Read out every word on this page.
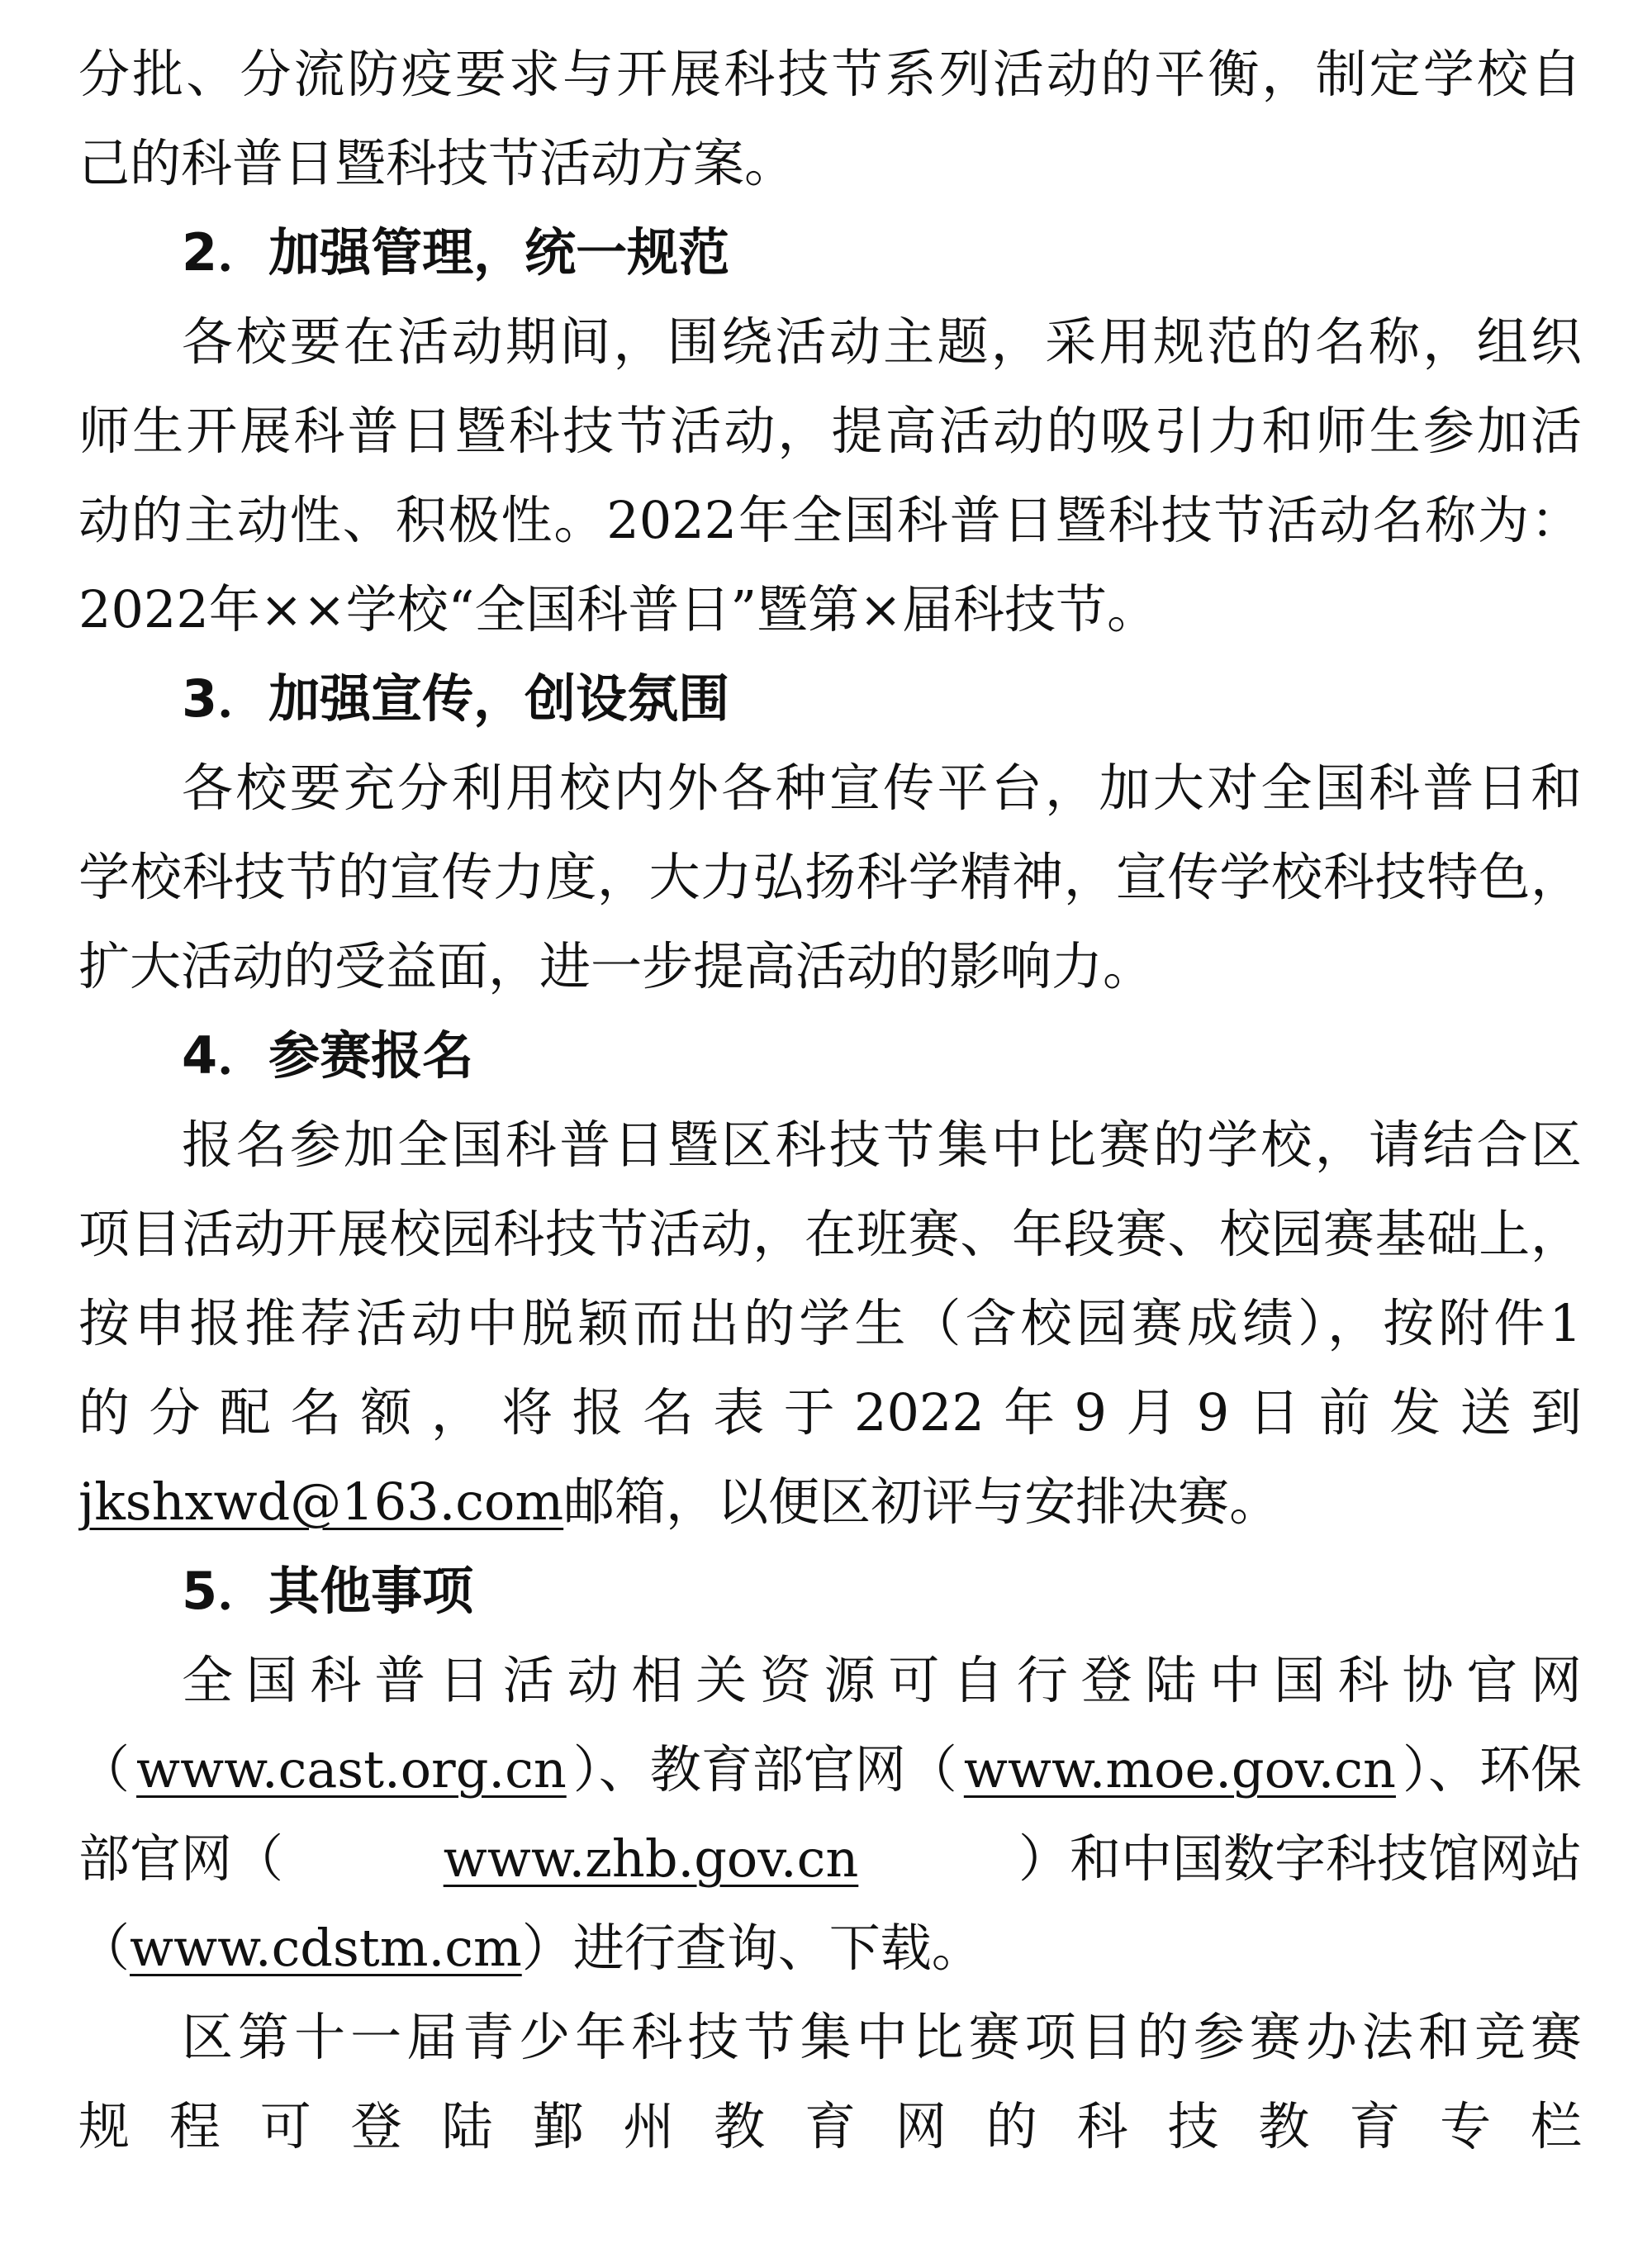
分批、分流防疫要求与开展科技节系列活动的平衡，制定学校自
己的科普日暨科技节活动方案。
2．加强管理，统一规范
各校要在活动期间，围绕活动主题，采用规范的名称，组织
师生开展科普日暨科技节活动，提高活动的吸引力和师生参加活
动的主动性、积极性。2022年全国科普日暨科技节活动名称为：
2022年××学校“全国科普日”暨第×届科技节。
3．加强宣传，创设氛围
各校要充分利用校内外各种宣传平台，加大对全国科普日和
学校科技节的宣传力度，大力弘扬科学精神，宣传学校科技特色，
扩大活动的受益面，进一步提高活动的影响力。
4．参赛报名
报名参加全国科普日暨区科技节集中比赛的学校，请结合区
项目活动开展校园科技节活动，在班赛、年段赛、校园赛基础上，
按申报推荐活动中脱颖而出的学生（含校园赛成绩），按附件1
的分配名额，将报名表于2022年9月9日前发送到
jkshxwd@163.com邮箱，以便区初评与安排决赛。
5．其他事项
全国科普日活动相关资源可自行登陆中国科协官网
（ www.cast.org.cn ）、教育部官网（ www.moe.gov.cn ）、环保
部官网（	www.zhb.gov.cn	）和中国数字科技馆网站
（www.cdstm.cm）进行查询、下载。
区第十一届青少年科技节集中比赛项目的参赛办法和竞赛
规程可登陆鄞州教育网的科技教育专栏
